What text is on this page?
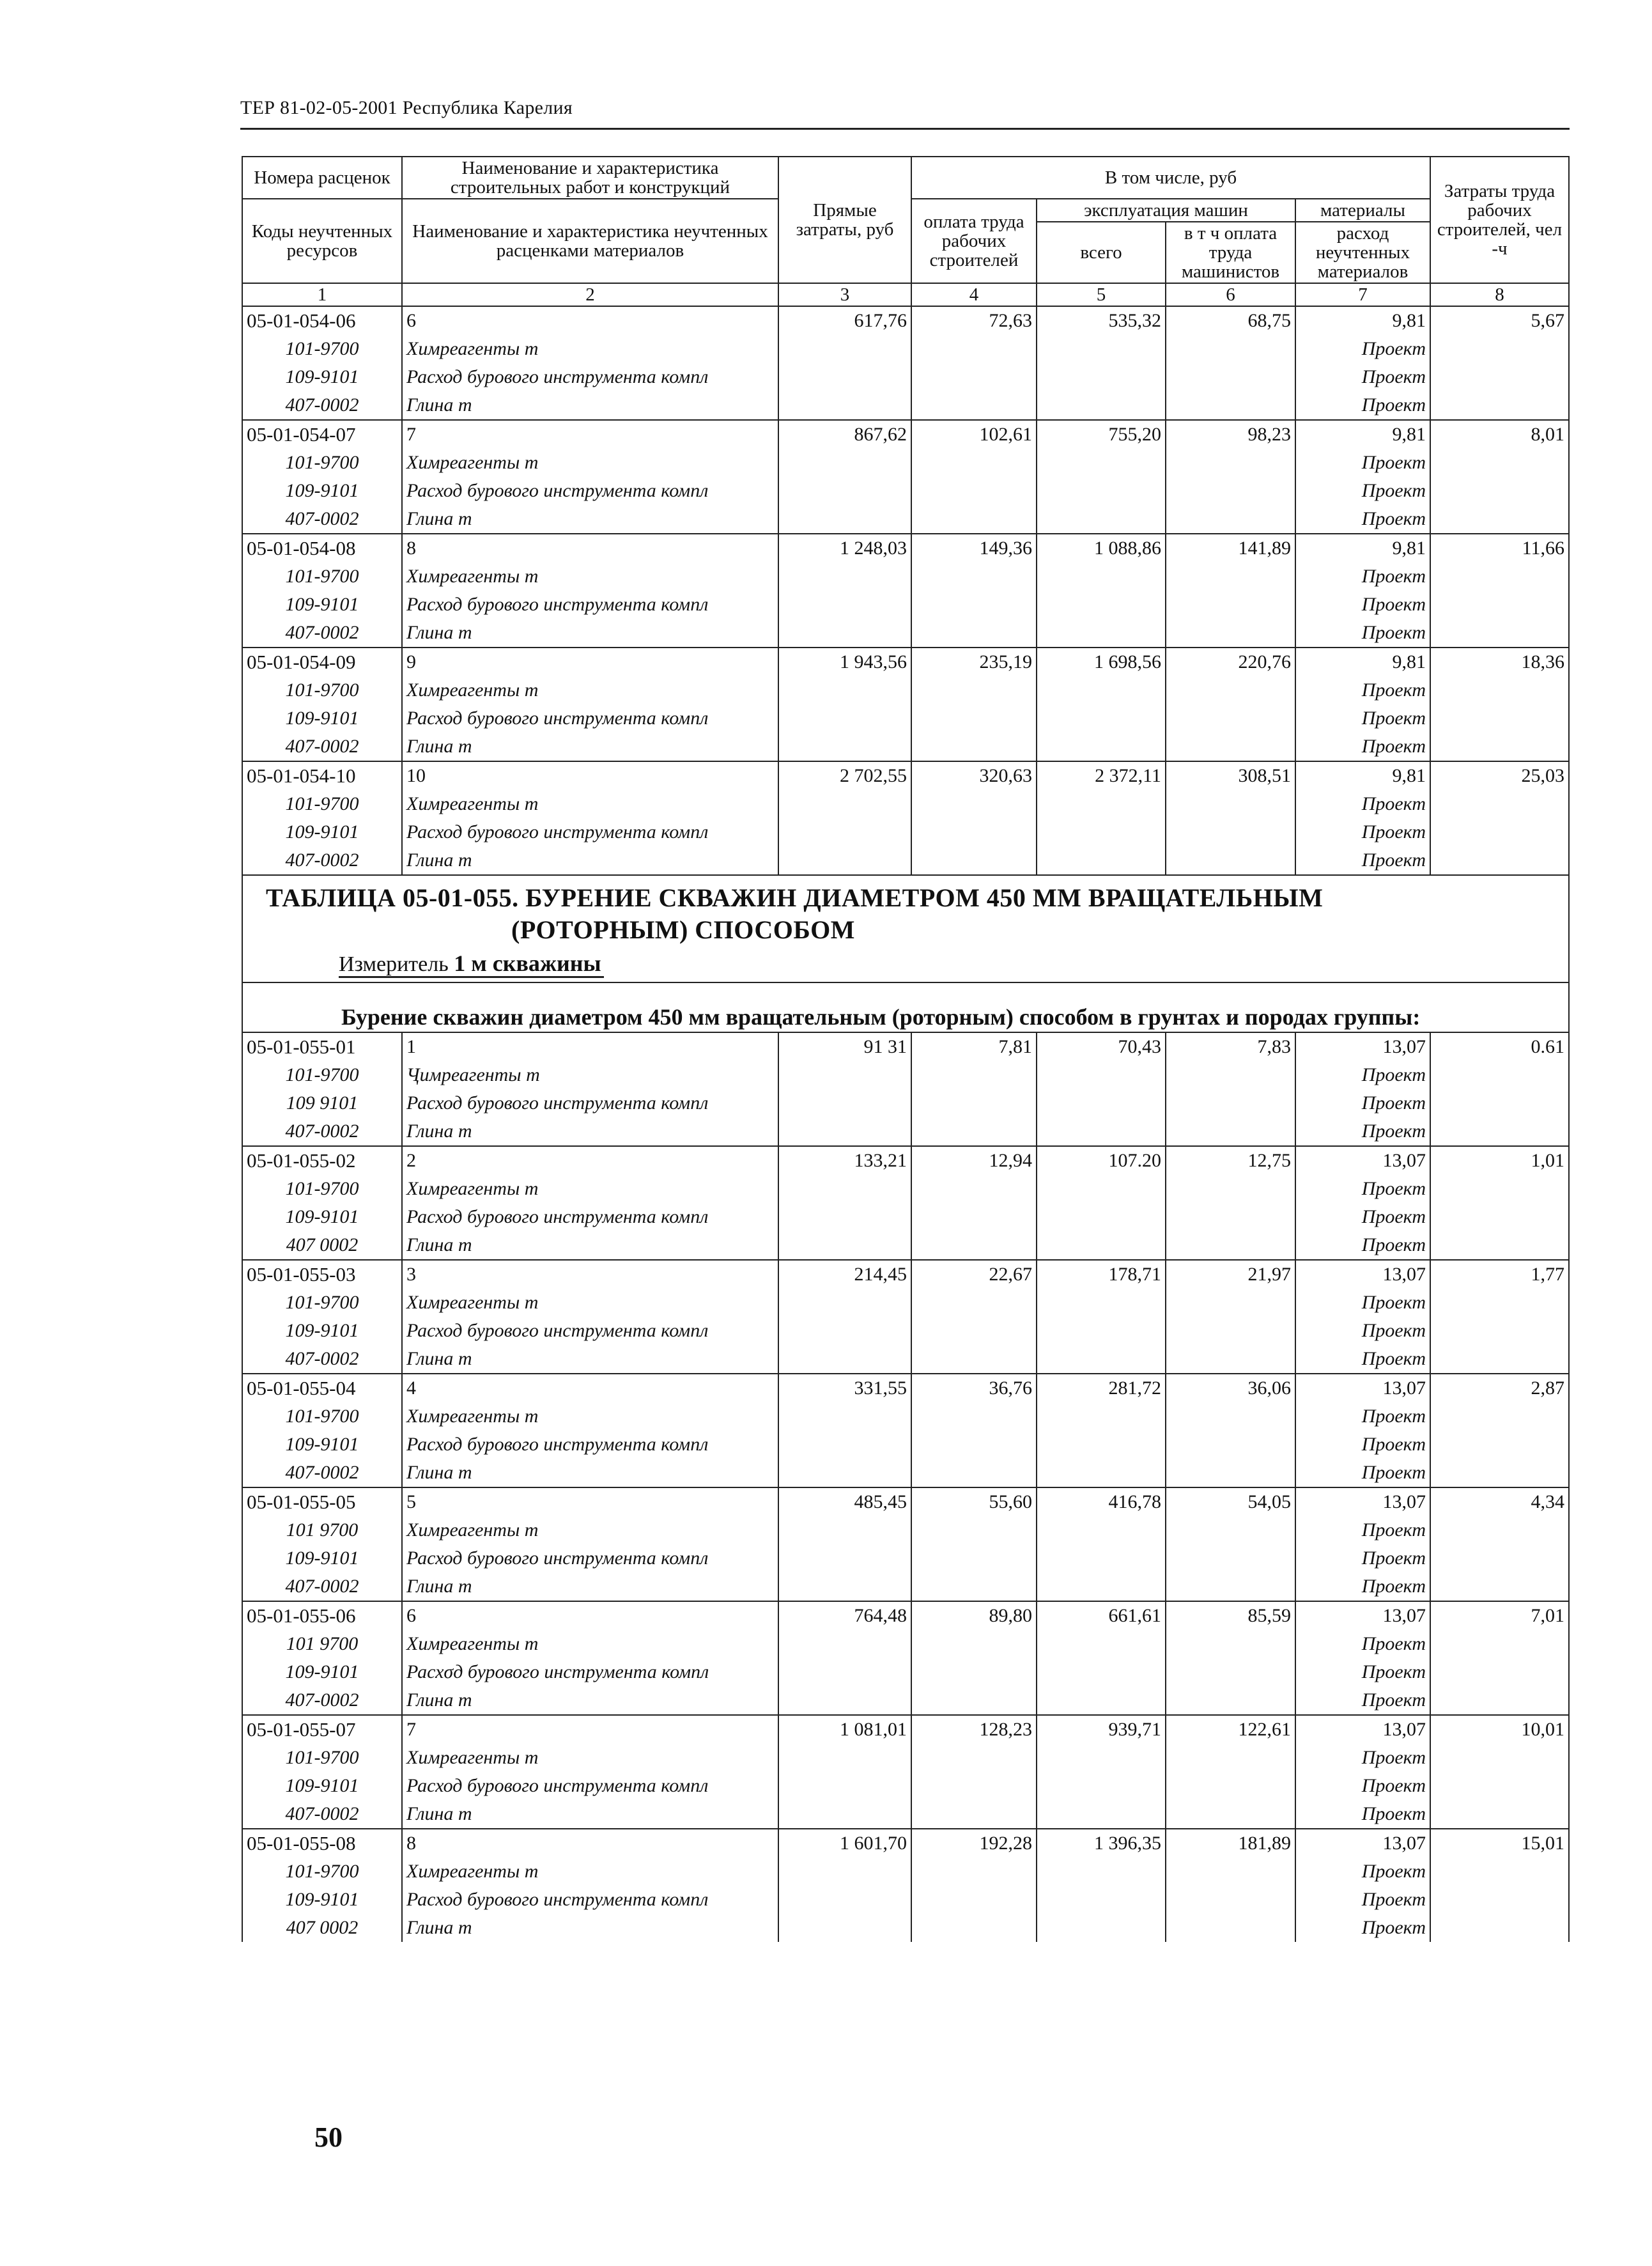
ТЕР 81-02-05-2001 Республика Карелия
Номера расценок	Наименование и характеристика строительных работ и конструкций	Прямые затраты, руб	В том числе, руб				Затраты труда рабочих строителей, чел -ч
Коды неучтенных ресурсов	Наименование и характеристика неучтенных расценками материалов		оплата труда рабочих строителей	эксплуатация машин		материалы	
				всего	в т ч оплата труда машинистов	расход неучтенных материалов	
1	2	3	4	5	6	7	8
05-01-054-06	6	617,76	72,63	535,32	68,75	9,81	5,67
101-9700	Химреагенты т					Проект	
109-9101	Расход бурового инструмента компл					Проект	
407-0002	Глина т					Проект	
05-01-054-07	7	867,62	102,61	755,20	98,23	9,81	8,01
101-9700	Химреагенты т					Проект	
109-9101	Расход бурового инструмента компл					Проект	
407-0002	Глина т					Проект	
05-01-054-08	8	1 248,03	149,36	1 088,86	141,89	9,81	11,66
101-9700	Химреагенты т					Проект	
109-9101	Расход бурового инструмента компл					Проект	
407-0002	Глина т					Проект	
05-01-054-09	9	1 943,56	235,19	1 698,56	220,76	9,81	18,36
101-9700	Химреагенты т					Проект	
109-9101	Расход бурового инструмента компл					Проект	
407-0002	Глина т					Проект	
05-01-054-10	10	2 702,55	320,63	2 372,11	308,51	9,81	25,03
101-9700	Химреагенты т					Проект	
109-9101	Расход бурового инструмента компл					Проект	
407-0002	Глина т					Проект	

ТАБЛИЦА 05-01-055. БУРЕНИЕ СКВАЖИН ДИАМЕТРОМ 450 ММ ВРАЩАТЕЛЬНЫМ
(РОТОРНЫМ) СПОСОБОМ
Измеритель 1 м скважины							

Бурение скважин диаметром 450 мм вращательным (роторным) способом в грунтах и породах группы:							

05-01-055-01	1	91 31	7,81	70,43	7,83	13,07	0.61
101-9700	Ҷимреагенты т					Проект	
109 9101	Расход бурового инструмента компл					Проект	
407-0002	Глина т					Проект	
05-01-055-02	2	133,21	12,94	107.20	12,75	13,07	1,01
101-9700	Химреагенты т					Проект	
109-9101	Расход бурового инструмента компл					Проект	
407 0002	Глина т					Проект	
05-01-055-03	3	214,45	22,67	178,71	21,97	13,07	1,77
101-9700	Химреагенты т					Проект	
109-9101	Расход бурового инструмента компл					Проект	
407-0002	Глина т					Проект	
05-01-055-04	4	331,55	36,76	281,72	36,06	13,07	2,87
101-9700	Химреагенты т					Проект	
109-9101	Расход бурового инструмента компл					Проект	
407-0002	Глина т					Проект	
05-01-055-05	5	485,45	55,60	416,78	54,05	13,07	4,34
101 9700	Химреагенты т					Проект	
109-9101	Расход бурового инструмента компл					Проект	
407-0002	Глина т					Проект	
05-01-055-06	6	764,48	89,80	661,61	85,59	13,07	7,01
101 9700	Химреагенты т					Проект	
109-9101	Расхσд бурового инструмента компл					Проект	
407-0002	Глина т					Проект	
05-01-055-07	7	1 081,01	128,23	939,71	122,61	13,07	10,01
101-9700	Химреагенты т					Проект	
109-9101	Расход бурового инструмента компл					Проект	
407-0002	Глина т					Проект	
05-01-055-08	8	1 601,70	192,28	1 396,35	181,89	13,07	15,01
101-9700	Химреагенты т					Проект	
109-9101	Расход бурового инструмента компл					Проект	
407 0002	Глина т					Проект	
50
